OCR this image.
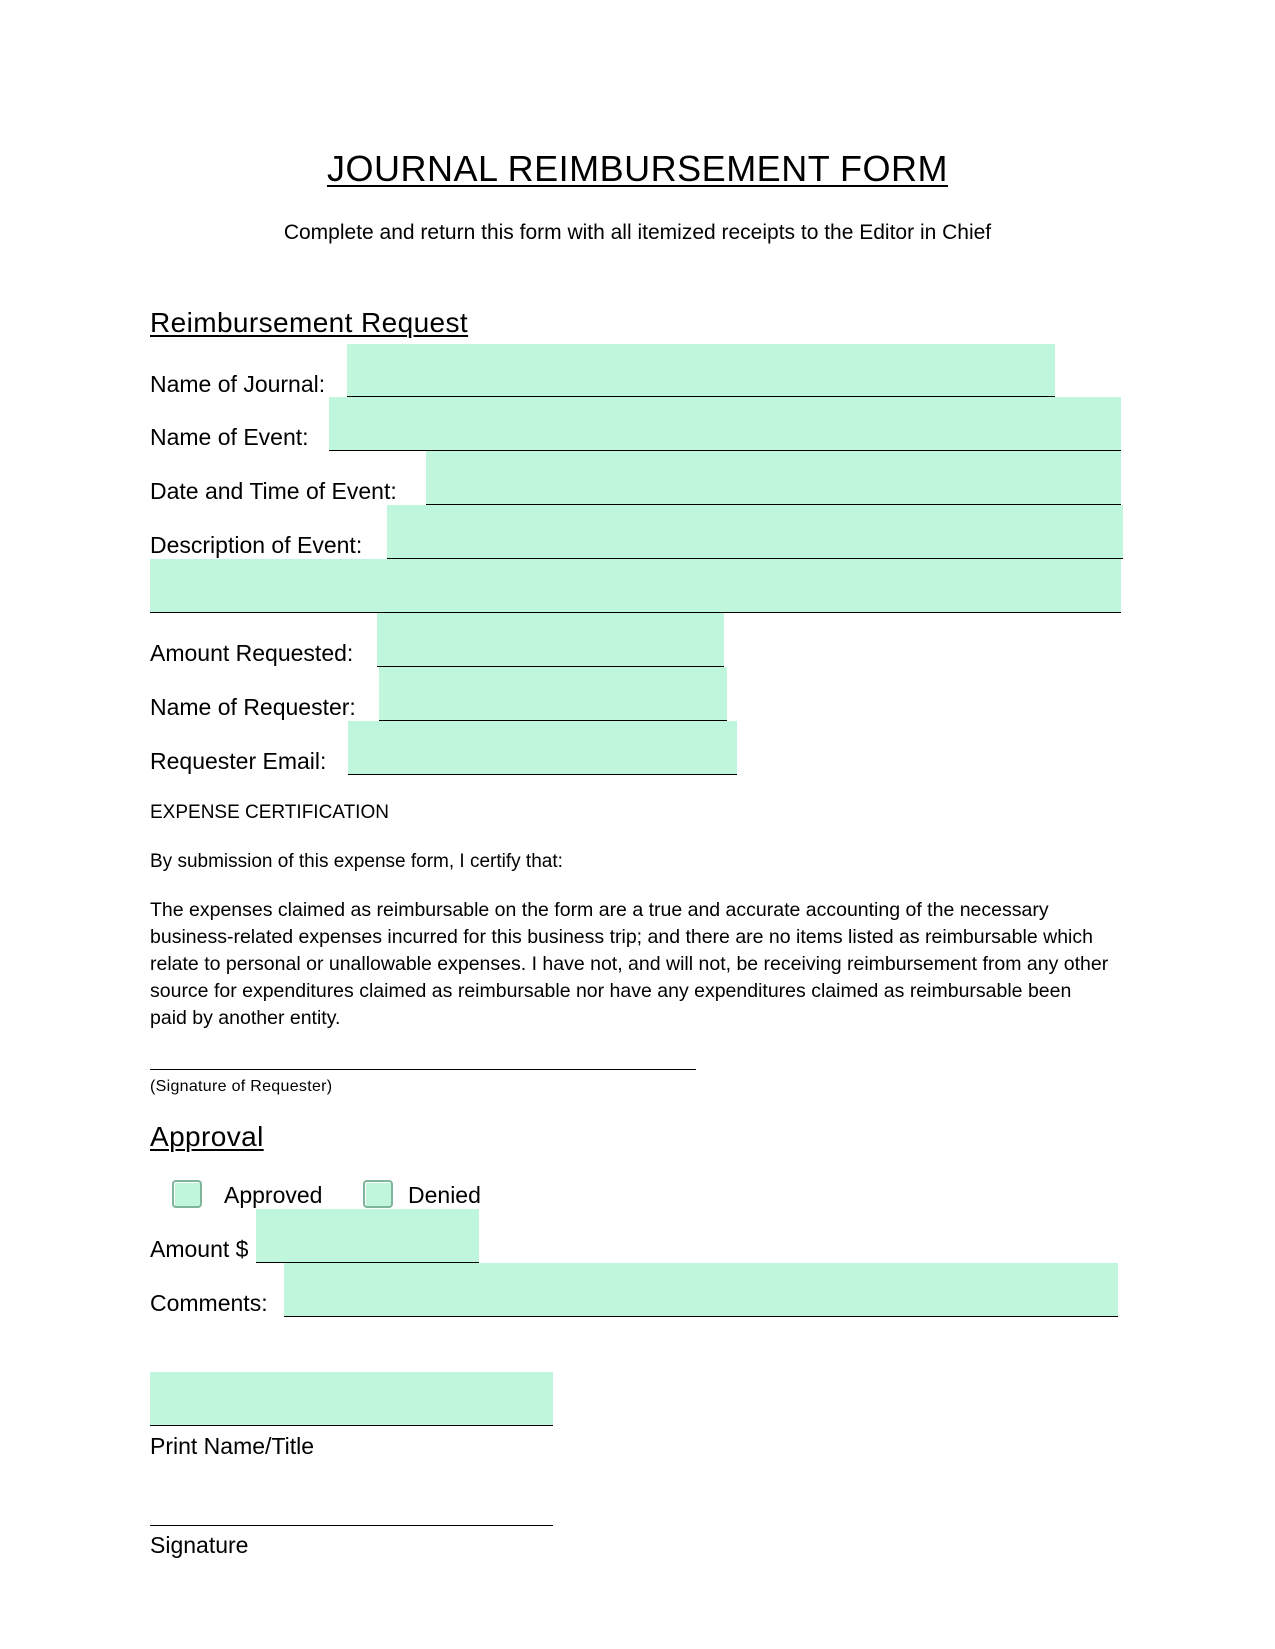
JOURNAL REIMBURSEMENT FORM
Complete and return this form with all itemized receipts to the Editor in Chief
Reimbursement Request
Name of Journal:
Name of Event:
Date and Time of Event:
Description of Event:
Amount Requested:
Name of Requester:
Requester Email:
EXPENSE CERTIFICATION
By submission of this expense form, I certify that:
The expenses claimed as reimbursable on the form are a true and accurate accounting of the necessary business-related expenses incurred for this business trip; and there are no items listed as reimbursable which relate to personal or unallowable expenses. I have not, and will not, be receiving reimbursement from any other source for expenditures claimed as reimbursable nor have any expenditures claimed as reimbursable been paid by another entity.
(Signature of Requester)
Approval
Approved	Denied
Amount $
Comments:
Print Name/Title
Signature
